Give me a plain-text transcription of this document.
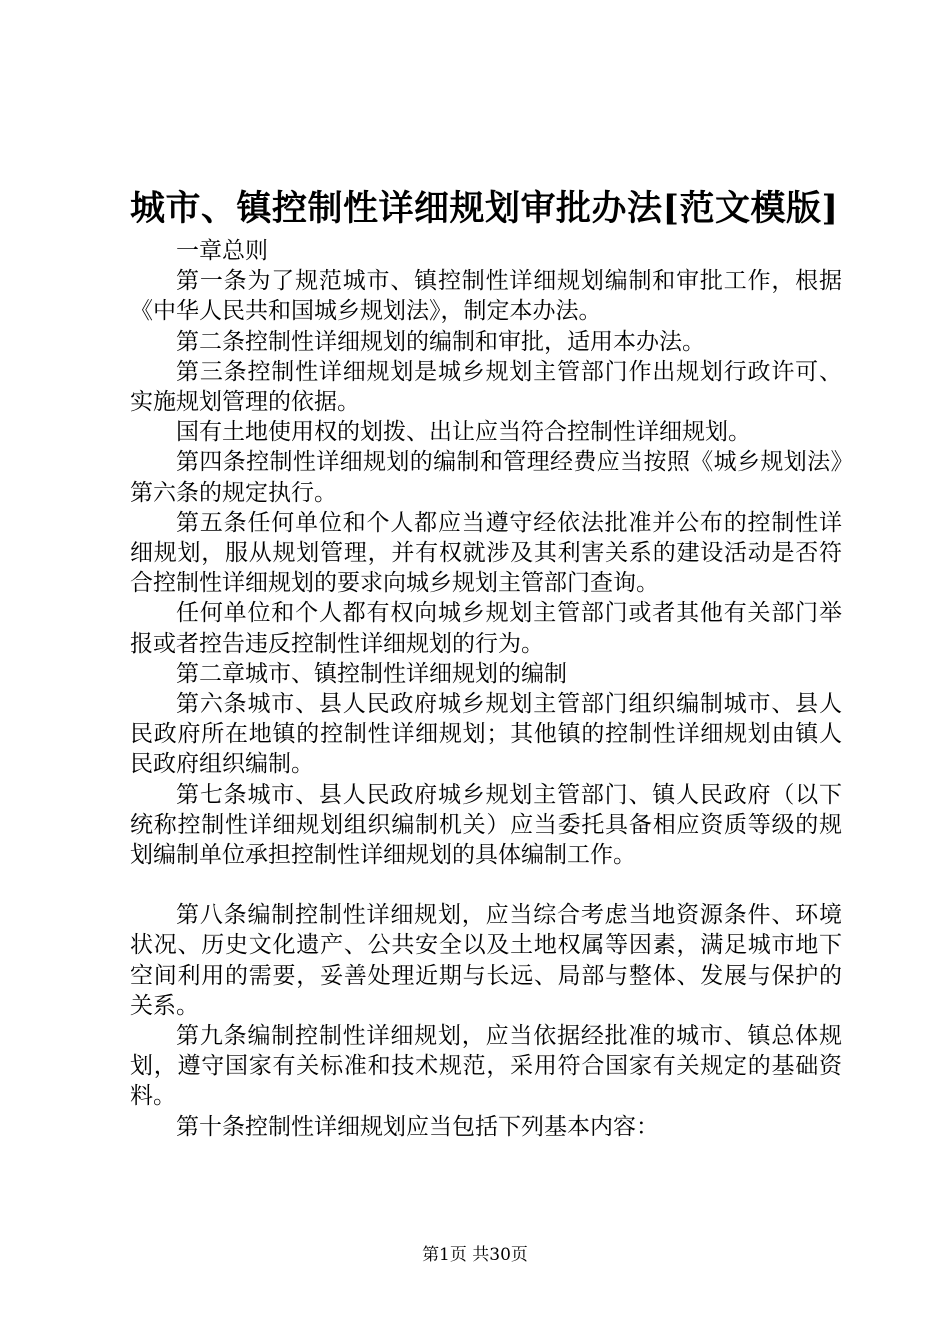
城市、镇控制性详细规划审批办法[范文模版]

一章总则

第一条为了规范城市、镇控制性详细规划编制和审批工作，根据《中华人民共和国城乡规划法》，制定本办法。

第二条控制性详细规划的编制和审批，适用本办法。

第三条控制性详细规划是城乡规划主管部门作出规划行政许可、实施规划管理的依据。

国有土地使用权的划拨、出让应当符合控制性详细规划。

第四条控制性详细规划的编制和管理经费应当按照《城乡规划法》第六条的规定执行。

第五条任何单位和个人都应当遵守经依法批准并公布的控制性详细规划，服从规划管理，并有权就涉及其利害关系的建设活动是否符合控制性详细规划的要求向城乡规划主管部门查询。

任何单位和个人都有权向城乡规划主管部门或者其他有关部门举报或者控告违反控制性详细规划的行为。

第二章城市、镇控制性详细规划的编制

第六条城市、县人民政府城乡规划主管部门组织编制城市、县人民政府所在地镇的控制性详细规划；其他镇的控制性详细规划由镇人民政府组织编制。

第七条城市、县人民政府城乡规划主管部门、镇人民政府（以下统称控制性详细规划组织编制机关）应当委托具备相应资质等级的规划编制单位承担控制性详细规划的具体编制工作。

第八条编制控制性详细规划，应当综合考虑当地资源条件、环境状况、历史文化遗产、公共安全以及土地权属等因素，满足城市地下空间利用的需要，妥善处理近期与长远、局部与整体、发展与保护的关系。

第九条编制控制性详细规划，应当依据经批准的城市、镇总体规划，遵守国家有关标准和技术规范，采用符合国家有关规定的基础资料。

第十条控制性详细规划应当包括下列基本内容：

第1页 共30页
